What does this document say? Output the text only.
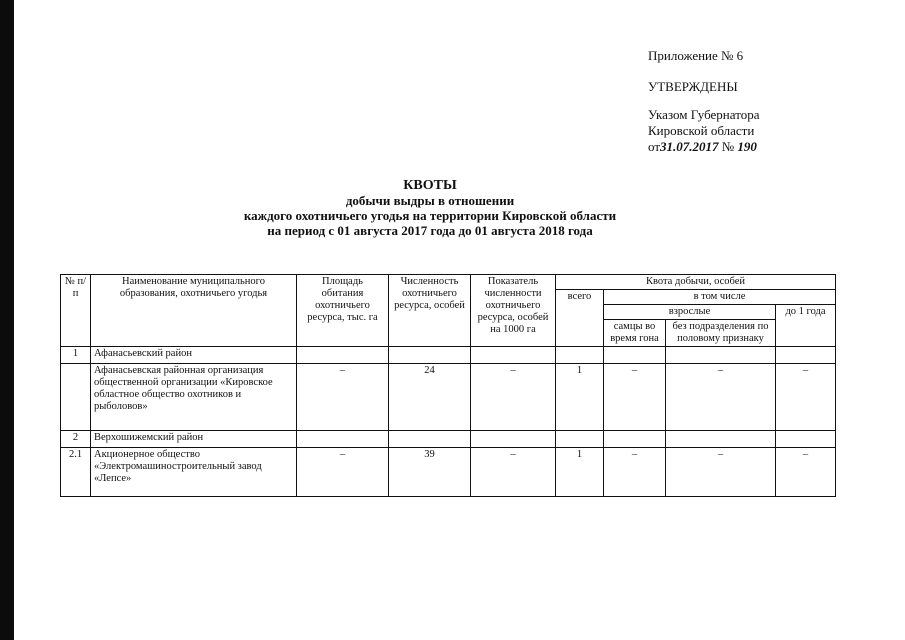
Приложение № 6
УТВЕРЖДЕНЫ
Указом Губернатора
Кировской области
от31.07.2017 № 190
КВОТЫ
добычи выдры в отношении
каждого охотничьего угодья на территории Кировской области
на период с 01 августа 2017 года до 01 августа 2018 года
№ п/п	Наименование муниципального образования, охотничьего угодья	Площадь обитания охотничьего ресурса, тыс. га	Численность охотничьего ресурса, особей	Показатель численности охотничьего ресурса, особей на 1000 га	Квота добычи, особей			
					всего	в том числе		
						взрослые		до 1 года
						самцы во время гона	без подразделения по половому признаку	
1	Афанасьевский район							
	Афанасьевская районная организация общественной организации «Кировское областное общество охотников и рыболовов»	–	24	–	1	–	–	–
2	Верхошижемский район							
2.1	Акционерное общество «Электромашиностроительный завод «Лепсе»	–	39	–	1	–	–	–
